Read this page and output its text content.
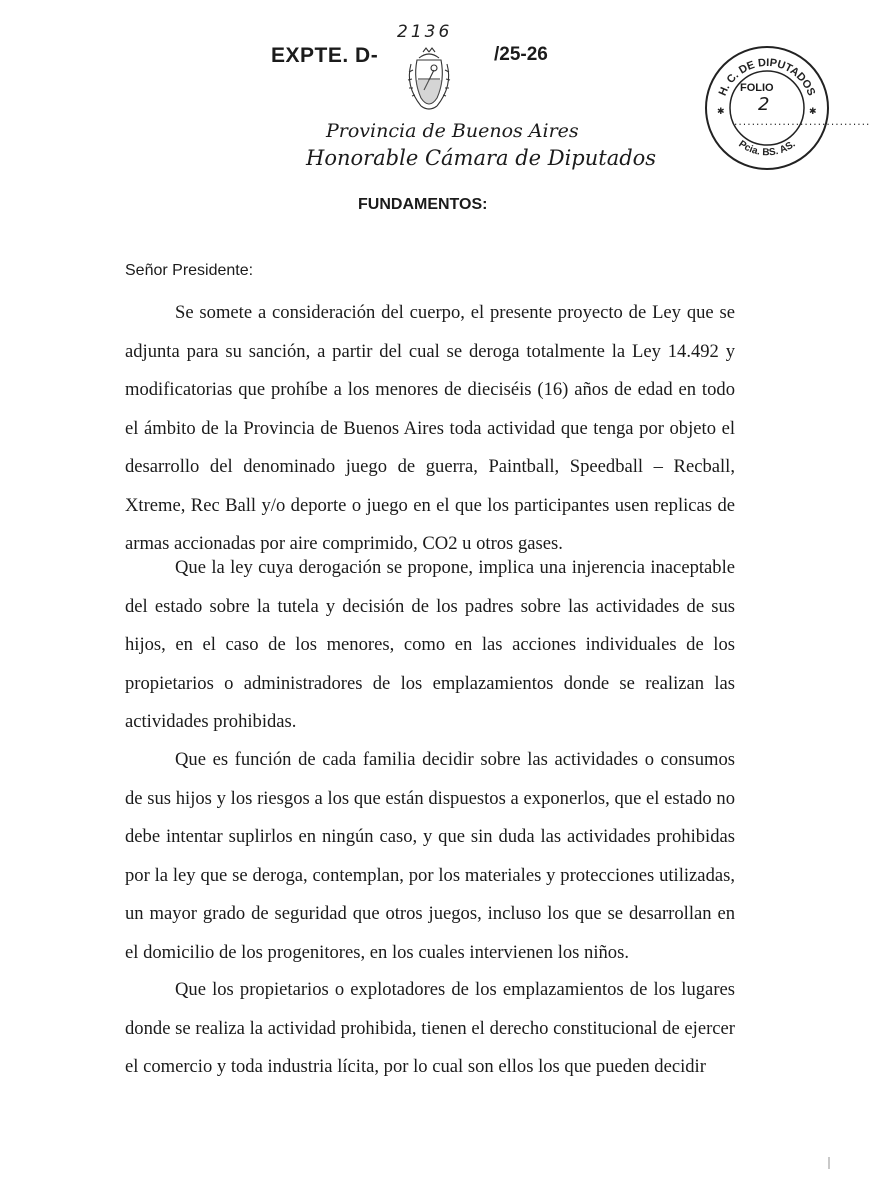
EXPTE. D-
2136
/25-26
Provincia de Buenos Aires
Honorable Cámara de Diputados
H. C. DE DIPUTADOS
Pcia. BS. AS.
✱	✱
FOLIO
2
...............................
FUNDAMENTOS:
Señor Presidente:

Se somete a consideración del cuerpo, el presente proyecto de Ley que se adjunta para su sanción, a partir del cual se deroga totalmente la Ley 14.492 y modificatorias que prohíbe a los menores de dieciséis (16) años de edad en todo el ámbito de la Provincia de Buenos Aires toda actividad que tenga por objeto el desarrollo del denominado juego de guerra, Paintball, Speedball – Recball, Xtreme, Rec Ball y/o deporte o juego en el que los participantes usen replicas de armas accionadas por aire comprimido, CO2 u otros gases.

Que la ley cuya derogación se propone, implica una injerencia inaceptable del estado sobre la tutela y decisión de los padres sobre las actividades de sus hijos, en el caso de los menores, como en las acciones individuales de los propietarios o administradores de los emplazamientos donde se realizan las actividades prohibidas.

Que es función de cada familia decidir sobre las actividades o consumos de sus hijos y los riesgos a los que están dispuestos a exponerlos, que el estado no debe intentar suplirlos en ningún caso, y que sin duda las actividades prohibidas por la ley que se deroga, contemplan, por los materiales y protecciones utilizadas, un mayor grado de seguridad que otros juegos, incluso los que se desarrollan en el domicilio de los progenitores, en los cuales intervienen los niños.

Que los propietarios o explotadores de los emplazamientos de los lugares donde se realiza la actividad prohibida, tienen el derecho constitucional de ejercer el comercio y toda industria lícita, por lo cual son ellos los que pueden decidir
